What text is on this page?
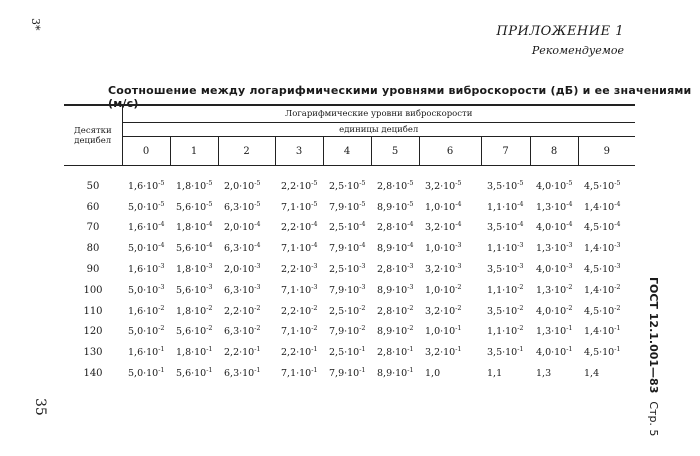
3*
35
ПРИЛОЖЕНИЕ 1
Рекомендуемое
Соотношение между логарифмическими уровнями виброскорости (дБ) и ее значениями (м/с)
ГОСТ 12.1.001—83Стр. 5
Десятки децибел	Логарифмические уровни виброскорости									
	единицы децибел									
	0	1	2	3	4	5	6	7	8	9

50	$1,6\cdot 10^{-5}$	$1,8\cdot 10^{-5}$	$2,0\cdot 10^{-5}$	$2,2\cdot 10^{-5}$	$2,5\cdot 10^{-5}$	$2,8\cdot 10^{-5}$	$3,2\cdot 10^{-5}$	$3,5\cdot 10^{-5}$	$4,0\cdot 10^{-5}$	$4,5\cdot 10^{-5}$
60	$5,0\cdot 10^{-5}$	$5,6\cdot 10^{-5}$	$6,3\cdot 10^{-5}$	$7,1\cdot 10^{-5}$	$7,9\cdot 10^{-5}$	$8,9\cdot 10^{-5}$	$1,0\cdot 10^{-4}$	$1,1\cdot 10^{-4}$	$1,3\cdot 10^{-4}$	$1,4\cdot 10^{-4}$
70	$1,6\cdot 10^{-4}$	$1,8\cdot 10^{-4}$	$2,0\cdot 10^{-4}$	$2,2\cdot 10^{-4}$	$2,5\cdot 10^{-4}$	$2,8\cdot 10^{-4}$	$3,2\cdot 10^{-4}$	$3,5\cdot 10^{-4}$	$4,0\cdot 10^{-4}$	$4,5\cdot 10^{-4}$
80	$5,0\cdot 10^{-4}$	$5,6\cdot 10^{-4}$	$6,3\cdot 10^{-4}$	$7,1\cdot 10^{-4}$	$7,9\cdot 10^{-4}$	$8,9\cdot 10^{-4}$	$1,0\cdot 10^{-3}$	$1,1\cdot 10^{-3}$	$1,3\cdot 10^{-3}$	$1,4\cdot 10^{-3}$
90	$1,6\cdot 10^{-3}$	$1,8\cdot 10^{-3}$	$2,0\cdot 10^{-3}$	$2,2\cdot 10^{-3}$	$2,5\cdot 10^{-3}$	$2,8\cdot 10^{-3}$	$3,2\cdot 10^{-3}$	$3,5\cdot 10^{-3}$	$4,0\cdot 10^{-3}$	$4,5\cdot 10^{-3}$
100	$5,0\cdot 10^{-3}$	$5,6\cdot 10^{-3}$	$6,3\cdot 10^{-3}$	$7,1\cdot 10^{-3}$	$7,9\cdot 10^{-3}$	$8,9\cdot 10^{-3}$	$1,0\cdot 10^{-2}$	$1,1\cdot 10^{-2}$	$1,3\cdot 10^{-2}$	$1,4\cdot 10^{-2}$
110	$1,6\cdot 10^{-2}$	$1,8\cdot 10^{-2}$	$2,2\cdot 10^{-2}$	$2,2\cdot 10^{-2}$	$2,5\cdot 10^{-2}$	$2,8\cdot 10^{-2}$	$3,2\cdot 10^{-2}$	$3,5\cdot 10^{-2}$	$4,0\cdot 10^{-2}$	$4,5\cdot 10^{-2}$
120	$5,0\cdot 10^{-2}$	$5,6\cdot 10^{-2}$	$6,3\cdot 10^{-2}$	$7,1\cdot 10^{-2}$	$7,9\cdot 10^{-2}$	$8,9\cdot 10^{-2}$	$1,0\cdot 10^{-1}$	$1,1\cdot 10^{-2}$	$1,3\cdot 10^{-1}$	$1,4\cdot 10^{-1}$
130	$1,6\cdot 10^{-1}$	$1,8\cdot 10^{-1}$	$2,2\cdot 10^{-1}$	$2,2\cdot 10^{-1}$	$2,5\cdot 10^{-1}$	$2,8\cdot 10^{-1}$	$3,2\cdot 10^{-1}$	$3,5\cdot 10^{-1}$	$4,0\cdot 10^{-1}$	$4,5\cdot 10^{-1}$
140	$5,0\cdot 10^{-1}$	$5,6\cdot 10^{-1}$	$6,3\cdot 10^{-1}$	$7,1\cdot 10^{-1}$	$7,9\cdot 10^{-1}$	$8,9\cdot 10^{-1}$	1,0	1,1	1,3	1,4
